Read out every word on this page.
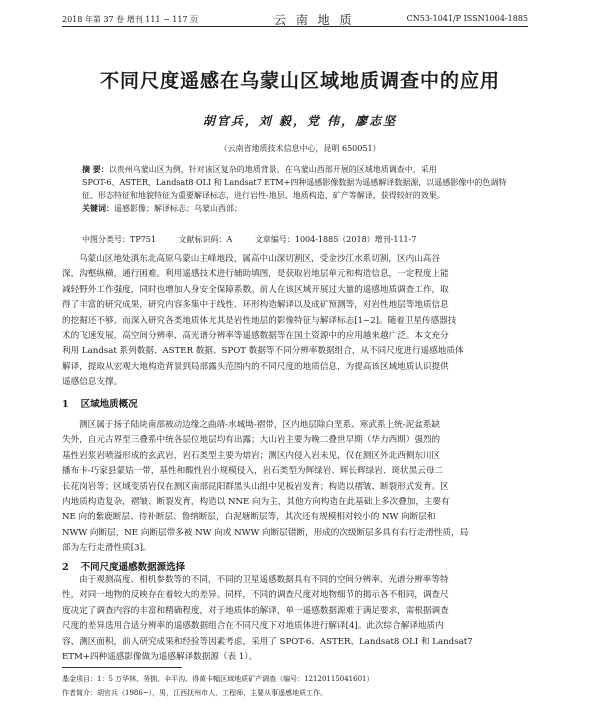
2018 年第 37 卷 增刊 111 ~ 117 页	云 南 地 质	CN53-1041/P ISSN1004-1885
不同尺度遥感在乌蒙山区域地质调查中的应用
胡官兵，刘 毅，党 伟，廖志坚
（云南省地质技术信息中心，昆明 650051）
摘 要：以贵州乌蒙山区为例，针对该区复杂的地质背景，在乌蒙山西部开展的区域地质调查中，采用
SPOT-6、ASTER、Landsat8 OLI 和 Landsat7 ETM+四种遥感影像数据为遥感解译数据源，以遥感影像中的色调特
征、形态特征和地貌特征为重要解译标志，进行岩性-地层、地质构造、矿产等解译，获得较好的效果。
关键词：遥感影像；解译标志；乌蒙山西部；
中图分类号：TP751	文献标识码：A	文章编号：1004-1885（2018）增刊-111-7
乌蒙山区地处滇东北高原乌蒙山主峰地段，属高中山深切割区，受金沙江水系切割，区内山高谷
深，沟壑纵横，通行困难。利用遥感技术进行辅助填图，是获取岩地层单元和构造信息，一定程度上能
减轻野外工作强度，同时也增加人身安全保障系数。前人在该区域开展过大量的遥感地质调查工作，取
得了丰富的研究成果，研究内容多集中于线性、环形构造解译以及成矿预测等，对岩性地层等地质信息
的挖掘还不够。而深入研究各类地质体尤其是岩性地层的影像特征与解译标志[1~2]。随着卫星传感器技
术的飞速发展，高空间分辨率、高光谱分辨率等遥感数据等在国土资源中的应用越来越广泛。本文充分
利用 Landsat 系列数据、ASTER 数据、SPOT 数据等不同分辨率数据组合，从不同尺度进行遥感地质体
解译，提取从宏观大地构造背景到局部露头范围内的不同尺度的地质信息，为提高该区域地质认识提供
遥感信息支撑。
1 区域地质概况
测区属于扬子陆块南部被动边缘之曲靖-水城坳-褶带，区内地层除白垩系、寒武系上统-泥盆系缺
失外，自元古界至三叠系中统各层位地层均有出露；大山岩主要为晚二叠世早期（华力西期）强烈的
基性岩浆岩喷溢形成的玄武岩，岩石类型主要为熔岩；测区内侵入岩未见，仅在测区外北西侧东川区
播布卡-巧家县蒙姑一带，基性和酸性岩小规模侵入，岩石类型为辉绿岩、辉长辉绿岩、斑状黑云母二
长花岗岩等；区域变质岩仅在测区南部昆阳群黑头山组中见板岩发育；构造以褶皱、断裂形式发育。区
内地质构造复杂，褶皱、断裂发育，构造以 NNE 向为主，其他方向构造在此基础上多次叠加，主要有
NE 向的紫鹿断层、待补断层、鲁纳断层，白泥塘断层等，其次还有规模相对较小的 NW 向断层和
NWW 向断层，NE 向断层带多被 NW 向或 NWW 向断层错断，形成的次级断层多具有右行走滑性质，局
部为左行走滑性质[3]。
2 不同尺度遥感数据源选择
由于观测高度、相机参数等的不同，不同的卫星遥感数据具有不同的空间分辨率、光谱分辨率等特
性，对同一地物的反映存在着较大的差异。同样，不同的调查尺度对地物细节的揭示各不相同，调查尺
度决定了调查内容的丰富和精确程度，对于地质体的解译，单一遥感数据源难于满足要求，需根据调查
尺度的差异选用合适分辨率的遥感数据组合在不同尺度下对地质体进行解译[4]。此次综合解译地质内
容、测区面积，前人研究成果和经验等因素考虑，采用了 SPOT-6、ASTER、Landsat8 OLI 和 Landsat7
ETM+四种遥感影像做为遥感解译数据源（表 1）。
基金项目：1：5 万华林、务拥、伞平沟、得黄卡幅区域地质矿产调查（编号：12120115041601）
作者简介：胡官兵（1986~），男，江西抚州市人，工程师，主要从事遥感地质工作。
